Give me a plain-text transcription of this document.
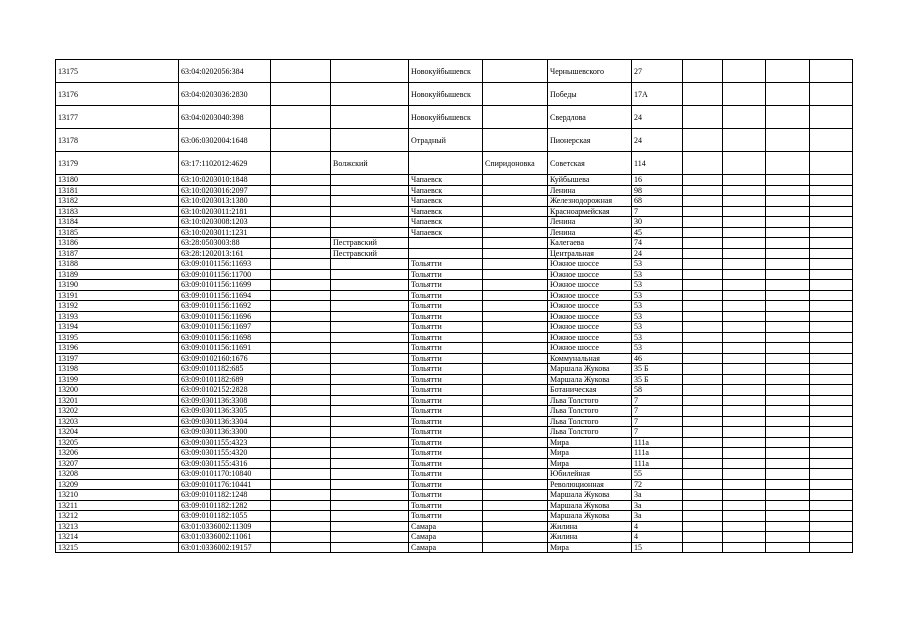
13175	63:04:0202056:384			Новокуйбышевск		Чернышевского	27				
13176	63:04:0203036:2830			Новокуйбышевск		Победы	17А				
13177	63:04:0203040:398			Новокуйбышевск		Свердлова	24				
13178	63:06:0302004:1648			Отрадный		Пионерская	24				
13179	63:17:1102012:4629		Волжский		Спиридоновка	Советская	114				
13180	63:10:0203010:1848			Чапаевск		Куйбышева	16				
13181	63:10:0203016:2097			Чапаевск		Ленина	98				
13182	63:10:0203013:1380			Чапаевск		Железнодорожная	68				
13183	63:10:0203011:2181			Чапаевск		Красноармейская	7				
13184	63:10:0203008:1203			Чапаевск		Ленина	30				
13185	63:10:0203011:1231			Чапаевск		Ленина	45				
13186	63:28:0503003:88		Пестравский			Калегаева	74				
13187	63:28:1202013:161		Пестравский			Центральная	24				
13188	63:09:0101156:11693			Тольятти		Южное шоссе	53				
13189	63:09:0101156:11700			Тольятти		Южное шоссе	53				
13190	63:09:0101156:11699			Тольятти		Южное шоссе	53				
13191	63:09:0101156:11694			Тольятти		Южное шоссе	53				
13192	63:09:0101156:11692			Тольятти		Южное шоссе	53				
13193	63:09:0101156:11696			Тольятти		Южное шоссе	53				
13194	63:09:0101156:11697			Тольятти		Южное шоссе	53				
13195	63:09:0101156:11698			Тольятти		Южное шоссе	53				
13196	63:09:0101156:11691			Тольятти		Южное шоссе	53				
13197	63:09:0102160:1676			Тольятти		Коммунальная	46				
13198	63:09:0101182:685			Тольятти		Маршала Жукова	35 Б				
13199	63:09:0101182:689			Тольятти		Маршала Жукова	35 Б				
13200	63:09:0102152:2828			Тольятти		Ботаническая	58				
13201	63:09:0301136:3308			Тольятти		Льва Толстого	7				
13202	63:09:0301136:3305			Тольятти		Льва Толстого	7				
13203	63:09:0301136:3304			Тольятти		Льва Толстого	7				
13204	63:09:0301136:3300			Тольятти		Льва Толстого	7				
13205	63:09:0301155:4323			Тольятти		Мира	111а				
13206	63:09:0301155:4320			Тольятти		Мира	111а				
13207	63:09:0301155:4316			Тольятти		Мира	111а				
13208	63:09:0101170:10840			Тольятти		Юбилейная	55				
13209	63:09:0101176:10441			Тольятти		Революционная	72				
13210	63:09:0101182:1248			Тольятти		Маршала Жукова	3а				
13211	63:09:0101182:1282			Тольятти		Маршала Жукова	3а				
13212	63:09:0101182:1055			Тольятти		Маршала Жукова	3а				
13213	63:01:0336002:11309			Самара		Жилина	4				
13214	63:01:0336002:11061			Самара		Жилина	4				
13215	63:01:0336002:19157			Самара		Мира	15				
